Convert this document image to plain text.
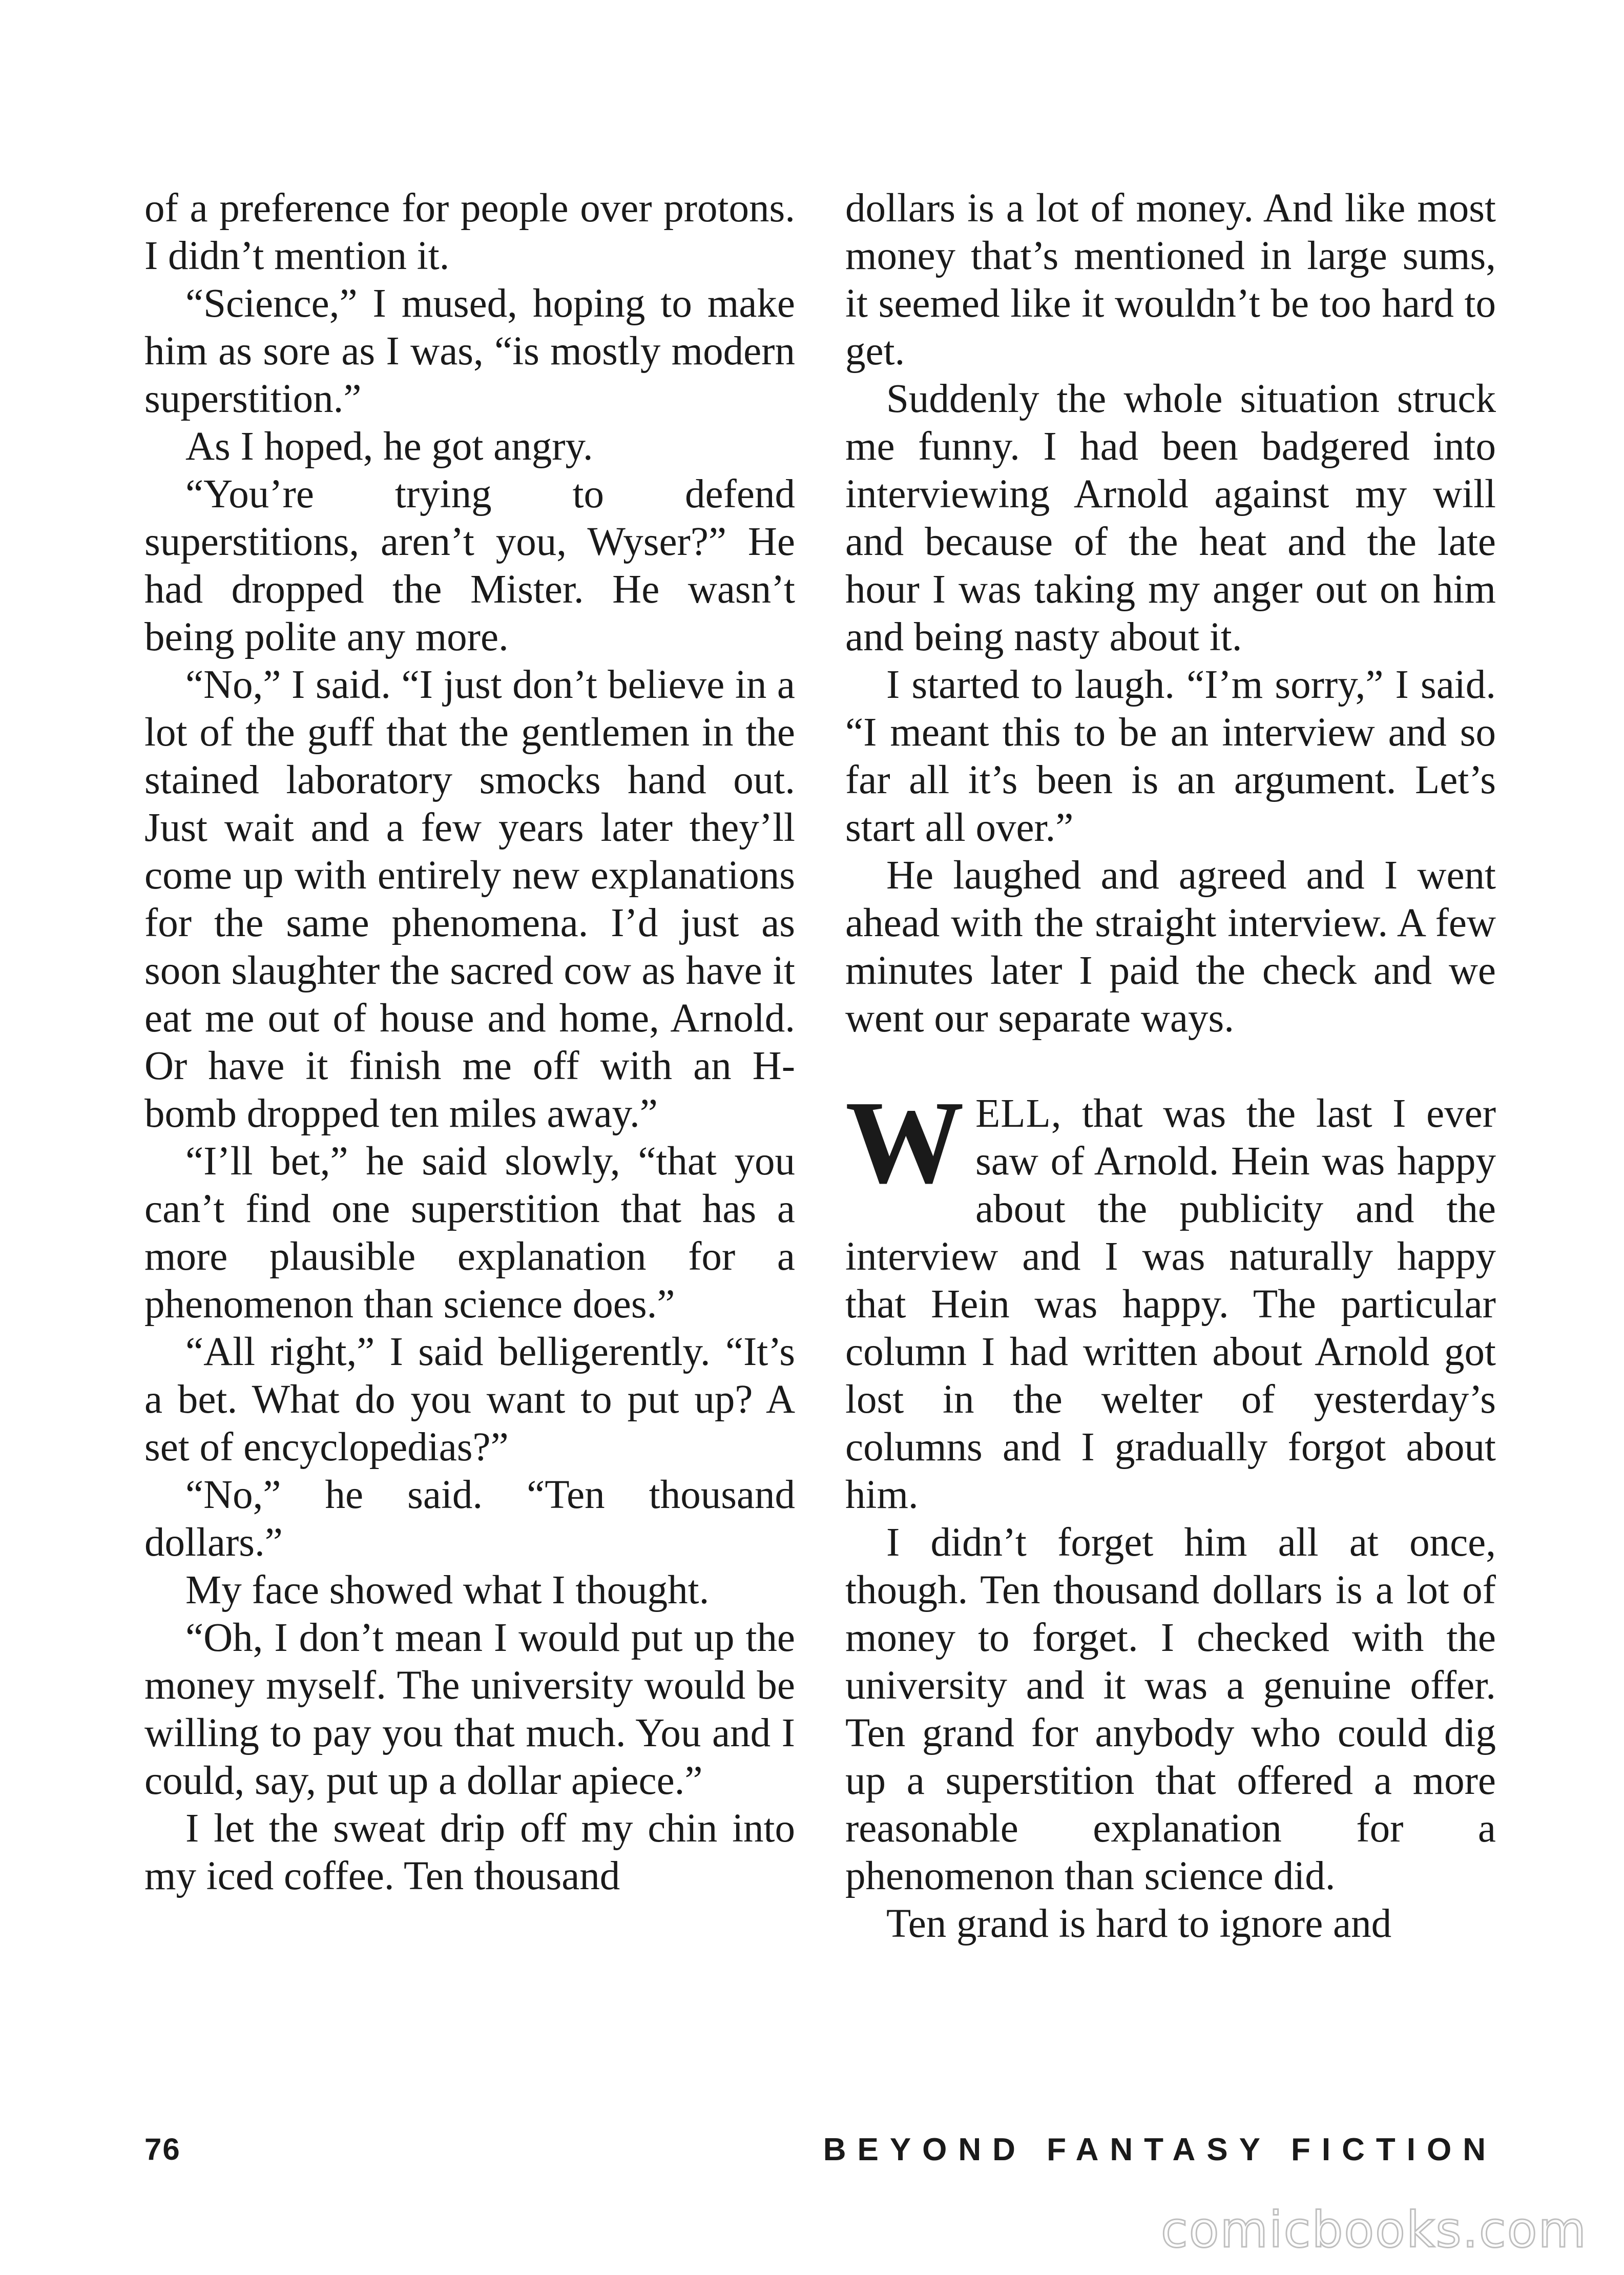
of a preference for people over protons. I didn’t mention it.

“Science,” I mused, hoping to make him as sore as I was, “is mostly modern superstition.”

As I hoped, he got angry.

“You’re trying to defend superstitions, aren’t you, Wyser?” He had dropped the Mister. He wasn’t being polite any more.

“No,” I said. “I just don’t believe in a lot of the guff that the gentlemen in the stained laboratory smocks hand out. Just wait and a few years later they’ll come up with entirely new explanations for the same phenomena. I’d just as soon slaughter the sacred cow as have it eat me out of house and home, Arnold. Or have it finish me off with an H-bomb dropped ten miles away.”

“I’ll bet,” he said slowly, “that you can’t find one superstition that has a more plausible explanation for a phenomenon than science does.”

“All right,” I said belligerently. “It’s a bet. What do you want to put up? A set of encyclopedias?”

“No,” he said. “Ten thousand dollars.”

My face showed what I thought.

“Oh, I don’t mean I would put up the money myself. The university would be willing to pay you that much. You and I could, say, put up a dollar apiece.”

I let the sweat drip off my chin into my iced coffee. Ten thousand

dollars is a lot of money. And like most money that’s mentioned in large sums, it seemed like it wouldn’t be too hard to get.

Suddenly the whole situation struck me funny. I had been badgered into interviewing Arnold against my will and because of the heat and the late hour I was taking my anger out on him and being nasty about it.

I started to laugh. “I’m sorry,” I said. “I meant this to be an interview and so far all it’s been is an argument. Let’s start all over.”

He laughed and agreed and I went ahead with the straight interview. A few minutes later I paid the check and we went our separate ways.

WELL, that was the last I ever saw of Arnold. Hein was happy about the publicity and the interview and I was naturally happy that Hein was happy. The particular column I had written about Arnold got lost in the welter of yesterday’s columns and I gradually forgot about him.

I didn’t forget him all at once, though. Ten thousand dollars is a lot of money to forget. I checked with the university and it was a genuine offer. Ten grand for anybody who could dig up a superstition that offered a more reasonable explanation for a phenomenon than science did.

Ten grand is hard to ignore and

76	BEYOND FANTASY FICTION
comicbooks.com
